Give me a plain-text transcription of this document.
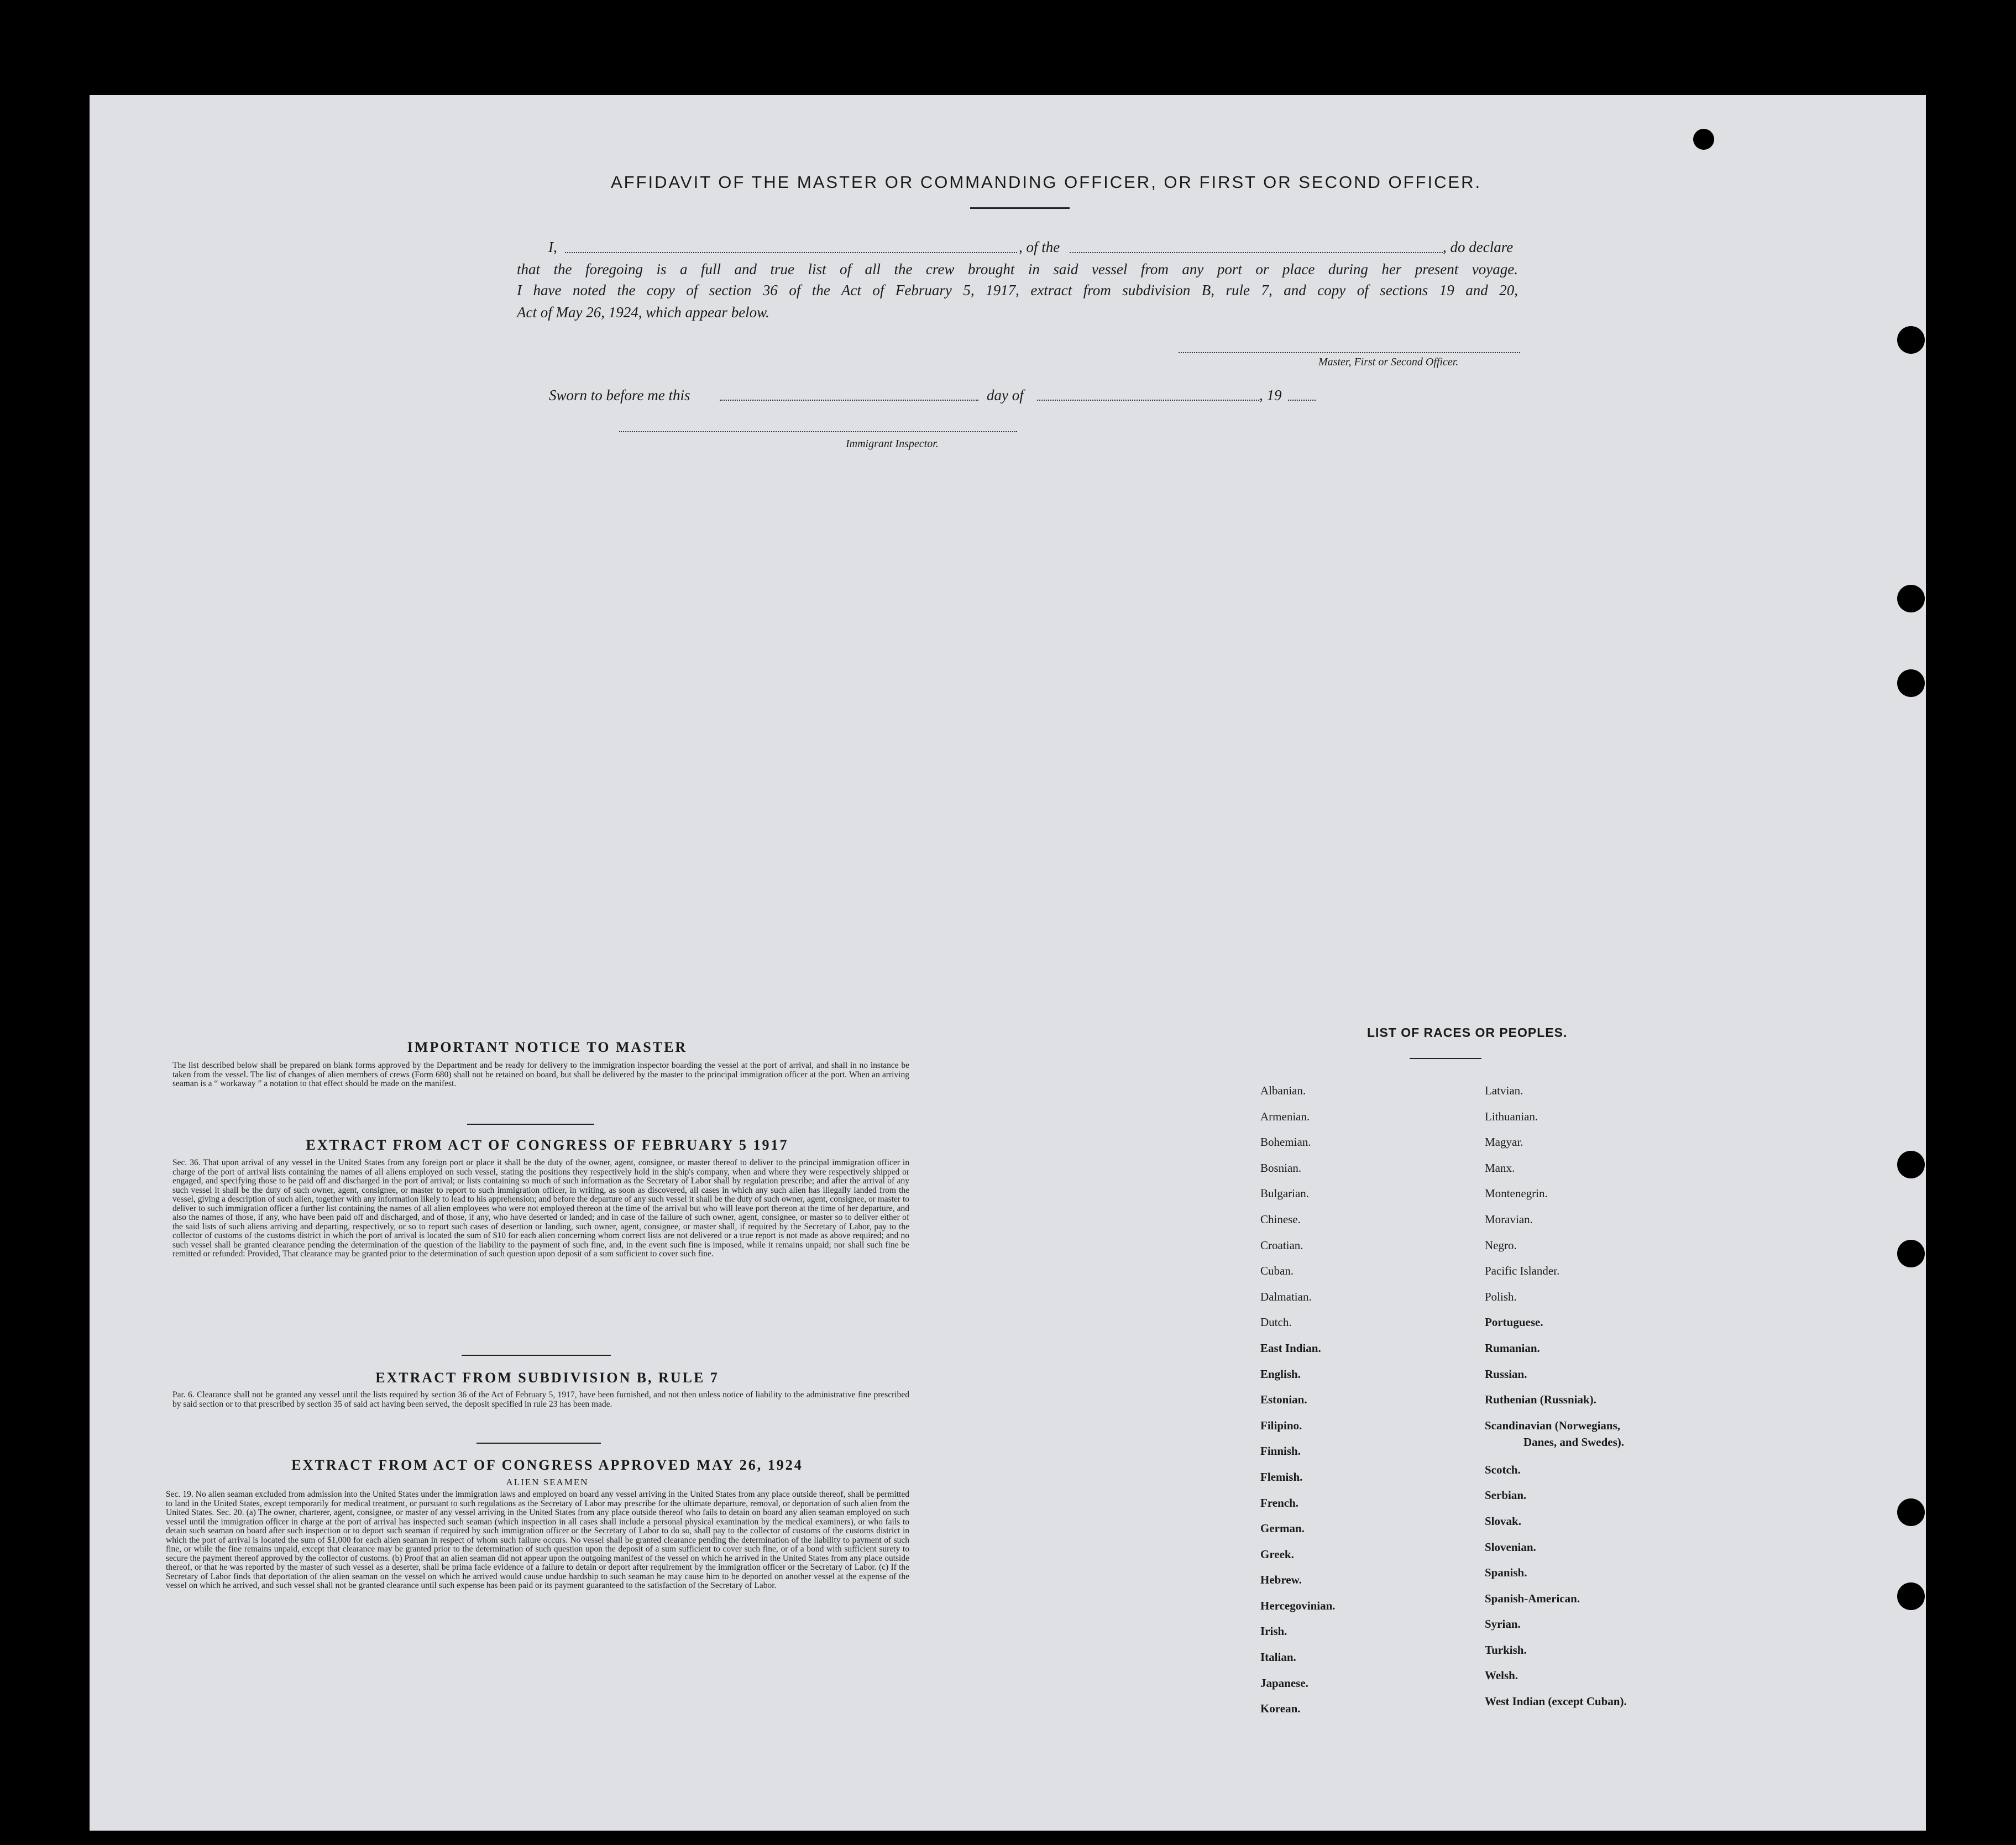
AFFIDAVIT OF THE MASTER OR COMMANDING OFFICER, OR FIRST OR SECOND OFFICER.
I,	, of the	, do declare
that the foregoing is a full and true list of all the crew brought in said vessel from any port or place during her present voyage.
I have noted the copy of section 36 of the Act of February 5, 1917, extract from subdivision B, rule 7, and copy of sections 19 and 20,
Act of May 26, 1924, which appear below.
Master, First or Second Officer.
Sworn to before me this	day of	, 19
Immigrant Inspector.
IMPORTANT NOTICE TO MASTER
The list described below shall be prepared on blank forms approved by the Department and be ready for delivery to the immigration inspector boarding the vessel at the port of arrival, and shall in no instance be taken from the vessel. The list of changes of alien members of crews (Form 680) shall not be retained on board, but shall be delivered by the master to the principal immigration officer at the port. When an arriving seaman is a “ workaway ” a notation to that effect should be made on the manifest.
EXTRACT FROM ACT OF CONGRESS OF FEBRUARY 5 1917
Sec. 36. That upon arrival of any vessel in the United States from any foreign port or place it shall be the duty of the owner, agent, consignee, or master thereof to deliver to the principal immigration officer in charge of the port of arrival lists containing the names of all aliens employed on such vessel, stating the positions they respectively hold in the ship's company, when and where they were respectively shipped or engaged, and specifying those to be paid off and discharged in the port of arrival; or lists containing so much of such information as the Secretary of Labor shall by regulation prescribe; and after the arrival of any such vessel it shall be the duty of such owner, agent, consignee, or master to report to such immigration officer, in writing, as soon as discovered, all cases in which any such alien has illegally landed from the vessel, giving a description of such alien, together with any information likely to lead to his apprehension; and before the departure of any such vessel it shall be the duty of such owner, agent, consignee, or master to deliver to such immigration officer a further list containing the names of all alien employees who were not employed thereon at the time of the arrival but who will leave port thereon at the time of her departure, and also the names of those, if any, who have been paid off and discharged, and of those, if any, who have deserted or landed; and in case of the failure of such owner, agent, consignee, or master so to deliver either of the said lists of such aliens arriving and departing, respectively, or so to report such cases of desertion or landing, such owner, agent, consignee, or master shall, if required by the Secretary of Labor, pay to the collector of customs of the customs district in which the port of arrival is located the sum of $10 for each alien concerning whom correct lists are not delivered or a true report is not made as above required; and no such vessel shall be granted clearance pending the determination of the question of the liability to the payment of such fine, and, in the event such fine is imposed, while it remains unpaid; nor shall such fine be remitted or refunded: Provided, That clearance may be granted prior to the determination of such question upon deposit of a sum sufficient to cover such fine.
EXTRACT FROM SUBDIVISION B, RULE 7
Par. 6. Clearance shall not be granted any vessel until the lists required by section 36 of the Act of February 5, 1917, have been furnished, and not then unless notice of liability to the administrative fine prescribed by said section or to that prescribed by section 35 of said act having been served, the deposit specified in rule 23 has been made.
EXTRACT FROM ACT OF CONGRESS APPROVED MAY 26, 1924
ALIEN SEAMEN
Sec. 19. No alien seaman excluded from admission into the United States under the immigration laws and employed on board any vessel arriving in the United States from any place outside thereof, shall be permitted to land in the United States, except temporarily for medical treatment, or pursuant to such regulations as the Secretary of Labor may prescribe for the ultimate departure, removal, or deportation of such alien from the United States. Sec. 20. (a) The owner, charterer, agent, consignee, or master of any vessel arriving in the United States from any place outside thereof who fails to detain on board any alien seaman employed on such vessel until the immigration officer in charge at the port of arrival has inspected such seaman (which inspection in all cases shall include a personal physical examination by the medical examiners), or who fails to detain such seaman on board after such inspection or to deport such seaman if required by such immigration officer or the Secretary of Labor to do so, shall pay to the collector of customs of the customs district in which the port of arrival is located the sum of $1,000 for each alien seaman in respect of whom such failure occurs. No vessel shall be granted clearance pending the determination of the liability to payment of such fine, or while the fine remains unpaid, except that clearance may be granted prior to the determination of such question upon the deposit of a sum sufficient to cover such fine, or of a bond with sufficient surety to secure the payment thereof approved by the collector of customs. (b) Proof that an alien seaman did not appear upon the outgoing manifest of the vessel on which he arrived in the United States from any place outside thereof, or that he was reported by the master of such vessel as a deserter, shall be prima facie evidence of a failure to detain or deport after requirement by the immigration officer or the Secretary of Labor. (c) If the Secretary of Labor finds that deportation of the alien seaman on the vessel on which he arrived would cause undue hardship to such seaman he may cause him to be deported on another vessel at the expense of the vessel on which he arrived, and such vessel shall not be granted clearance until such expense has been paid or its payment guaranteed to the satisfaction of the Secretary of Labor.
LIST OF RACES OR PEOPLES.
Albanian.
Armenian.
Bohemian.
Bosnian.
Bulgarian.
Chinese.
Croatian.
Cuban.
Dalmatian.
Dutch.
East Indian.
English.
Estonian.
Filipino.
Finnish.
Flemish.
French.
German.
Greek.
Hebrew.
Hercegovinian.
Irish.
Italian.
Japanese.
Korean.
Latvian.
Lithuanian.
Magyar.
Manx.
Montenegrin.
Moravian.
Negro.
Pacific Islander.
Polish.
Portuguese.
Rumanian.
Russian.
Ruthenian (Russniak).
Scandinavian (Norwegians,
Danes, and Swedes).
Scotch.
Serbian.
Slovak.
Slovenian.
Spanish.
Spanish-American.
Syrian.
Turkish.
Welsh.
West Indian (except Cuban).
